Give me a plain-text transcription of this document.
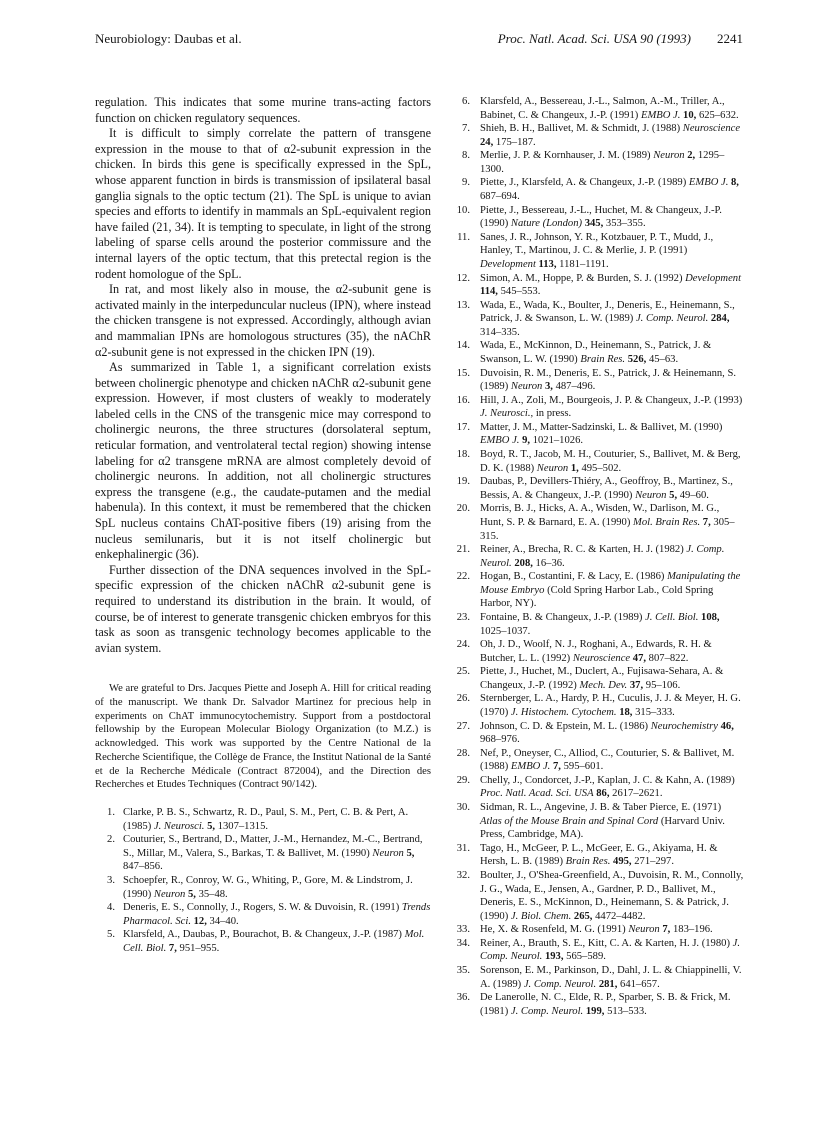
Neurobiology: Daubas et al.	Proc. Natl. Acad. Sci. USA 90 (1993) 2241

regulation. This indicates that some murine trans-acting factors function on chicken regulatory sequences.

It is difficult to simply correlate the pattern of transgene expression in the mouse to that of α2-subunit expression in the chicken. In birds this gene is specifically expressed in the SpL, whose apparent function in birds is transmission of ipsilateral basal ganglia signals to the optic tectum (21). The SpL is unique to avian species and efforts to identify in mammals an SpL-equivalent region have failed (21, 34). It is tempting to speculate, in light of the strong labeling of sparse cells around the posterior commissure and the internal layers of the optic tectum, that this pretectal region is the rodent homologue of the SpL.

In rat, and most likely also in mouse, the α2-subunit gene is activated mainly in the interpeduncular nucleus (IPN), where instead the chicken transgene is not expressed. Accordingly, although avian and mammalian IPNs are homologous structures (35), the nAChR α2-subunit gene is not expressed in the chicken IPN (19).

As summarized in Table 1, a significant correlation exists between cholinergic phenotype and chicken nAChR α2-subunit gene expression. However, if most clusters of weakly to moderately labeled cells in the CNS of the transgenic mice may correspond to cholinergic neurons, the three structures (dorsolateral septum, reticular formation, and ventrolateral tectal region) showing intense labeling for α2 transgene mRNA are almost completely devoid of cholinergic neurons. In addition, not all cholinergic structures express the transgene (e.g., the caudate-putamen and the medial habenula). In this context, it must be remembered that the chicken SpL nucleus contains ChAT-positive fibers (19) arising from the nucleus semilunaris, but it is not itself cholinergic but enkephalinergic (36).

Further dissection of the DNA sequences involved in the SpL-specific expression of the chicken nAChR α2-subunit gene is required to understand its distribution in the brain. It would, of course, be of interest to generate transgenic chicken embryos for this task as soon as transgenic technology becomes applicable to the avian system.

We are grateful to Drs. Jacques Piette and Joseph A. Hill for critical reading of the manuscript. We thank Dr. Salvador Martinez for precious help in experiments on ChAT immunocytochemistry. Support from a postdoctoral fellowship by the European Molecular Biology Organization (to M.Z.) is acknowledged. This work was supported by the Centre National de la Recherche Scientifique, the Collège de France, the Institut National de la Santé et de la Recherche Médicale (Contract 872004), and the Direction des Recherches et Etudes Techniques (Contract 90/142).

1. Clarke, P. B. S., Schwartz, R. D., Paul, S. M., Pert, C. B. & Pert, A. (1985) J. Neurosci. 5, 1307–1315.
2. Couturier, S., Bertrand, D., Matter, J.-M., Hernandez, M.-C., Bertrand, S., Millar, M., Valera, S., Barkas, T. & Ballivet, M. (1990) Neuron 5, 847–856.
3. Schoepfer, R., Conroy, W. G., Whiting, P., Gore, M. & Lindstrom, J. (1990) Neuron 5, 35–48.
4. Deneris, E. S., Connolly, J., Rogers, S. W. & Duvoisin, R. (1991) Trends Pharmacol. Sci. 12, 34–40.
5. Klarsfeld, A., Daubas, P., Bourachot, B. & Changeux, J.-P. (1987) Mol. Cell. Biol. 7, 951–955.
6. Klarsfeld, A., Bessereau, J.-L., Salmon, A.-M., Triller, A., Babinet, C. & Changeux, J.-P. (1991) EMBO J. 10, 625–632.
7. Shieh, B. H., Ballivet, M. & Schmidt, J. (1988) Neuroscience 24, 175–187.
8. Merlie, J. P. & Kornhauser, J. M. (1989) Neuron 2, 1295–1300.
9. Piette, J., Klarsfeld, A. & Changeux, J.-P. (1989) EMBO J. 8, 687–694.
10. Piette, J., Bessereau, J.-L., Huchet, M. & Changeux, J.-P. (1990) Nature (London) 345, 353–355.
11. Sanes, J. R., Johnson, Y. R., Kotzbauer, P. T., Mudd, J., Hanley, T., Martinou, J. C. & Merlie, J. P. (1991) Development 113, 1181–1191.
12. Simon, A. M., Hoppe, P. & Burden, S. J. (1992) Development 114, 545–553.
13. Wada, E., Wada, K., Boulter, J., Deneris, E., Heinemann, S., Patrick, J. & Swanson, L. W. (1989) J. Comp. Neurol. 284, 314–335.
14. Wada, E., McKinnon, D., Heinemann, S., Patrick, J. & Swanson, L. W. (1990) Brain Res. 526, 45–63.
15. Duvoisin, R. M., Deneris, E. S., Patrick, J. & Heinemann, S. (1989) Neuron 3, 487–496.
16. Hill, J. A., Zoli, M., Bourgeois, J. P. & Changeux, J.-P. (1993) J. Neurosci., in press.
17. Matter, J. M., Matter-Sadzinski, L. & Ballivet, M. (1990) EMBO J. 9, 1021–1026.
18. Boyd, R. T., Jacob, M. H., Couturier, S., Ballivet, M. & Berg, D. K. (1988) Neuron 1, 495–502.
19. Daubas, P., Devillers-Thiéry, A., Geoffroy, B., Martinez, S., Bessis, A. & Changeux, J.-P. (1990) Neuron 5, 49–60.
20. Morris, B. J., Hicks, A. A., Wisden, W., Darlison, M. G., Hunt, S. P. & Barnard, E. A. (1990) Mol. Brain Res. 7, 305–315.
21. Reiner, A., Brecha, R. C. & Karten, H. J. (1982) J. Comp. Neurol. 208, 16–36.
22. Hogan, B., Costantini, F. & Lacy, E. (1986) Manipulating the Mouse Embryo (Cold Spring Harbor Lab., Cold Spring Harbor, NY).
23. Fontaine, B. & Changeux, J.-P. (1989) J. Cell. Biol. 108, 1025–1037.
24. Oh, J. D., Woolf, N. J., Roghani, A., Edwards, R. H. & Butcher, L. L. (1992) Neuroscience 47, 807–822.
25. Piette, J., Huchet, M., Duclert, A., Fujisawa-Sehara, A. & Changeux, J.-P. (1992) Mech. Dev. 37, 95–106.
26. Sternberger, L. A., Hardy, P. H., Cuculis, J. J. & Meyer, H. G. (1970) J. Histochem. Cytochem. 18, 315–333.
27. Johnson, C. D. & Epstein, M. L. (1986) Neurochemistry 46, 968–976.
28. Nef, P., Oneyser, C., Alliod, C., Couturier, S. & Ballivet, M. (1988) EMBO J. 7, 595–601.
29. Chelly, J., Condorcet, J.-P., Kaplan, J. C. & Kahn, A. (1989) Proc. Natl. Acad. Sci. USA 86, 2617–2621.
30. Sidman, R. L., Angevine, J. B. & Taber Pierce, E. (1971) Atlas of the Mouse Brain and Spinal Cord (Harvard Univ. Press, Cambridge, MA).
31. Tago, H., McGeer, P. L., McGeer, E. G., Akiyama, H. & Hersh, L. B. (1989) Brain Res. 495, 271–297.
32. Boulter, J., O'Shea-Greenfield, A., Duvoisin, R. M., Connolly, J. G., Wada, E., Jensen, A., Gardner, P. D., Ballivet, M., Deneris, E. S., McKinnon, D., Heinemann, S. & Patrick, J. (1990) J. Biol. Chem. 265, 4472–4482.
33. He, X. & Rosenfeld, M. G. (1991) Neuron 7, 183–196.
34. Reiner, A., Brauth, S. E., Kitt, C. A. & Karten, H. J. (1980) J. Comp. Neurol. 193, 565–589.
35. Sorenson, E. M., Parkinson, D., Dahl, J. L. & Chiappinelli, V. A. (1989) J. Comp. Neurol. 281, 641–657.
36. De Lanerolle, N. C., Elde, R. P., Sparber, S. B. & Frick, M. (1981) J. Comp. Neurol. 199, 513–533.
